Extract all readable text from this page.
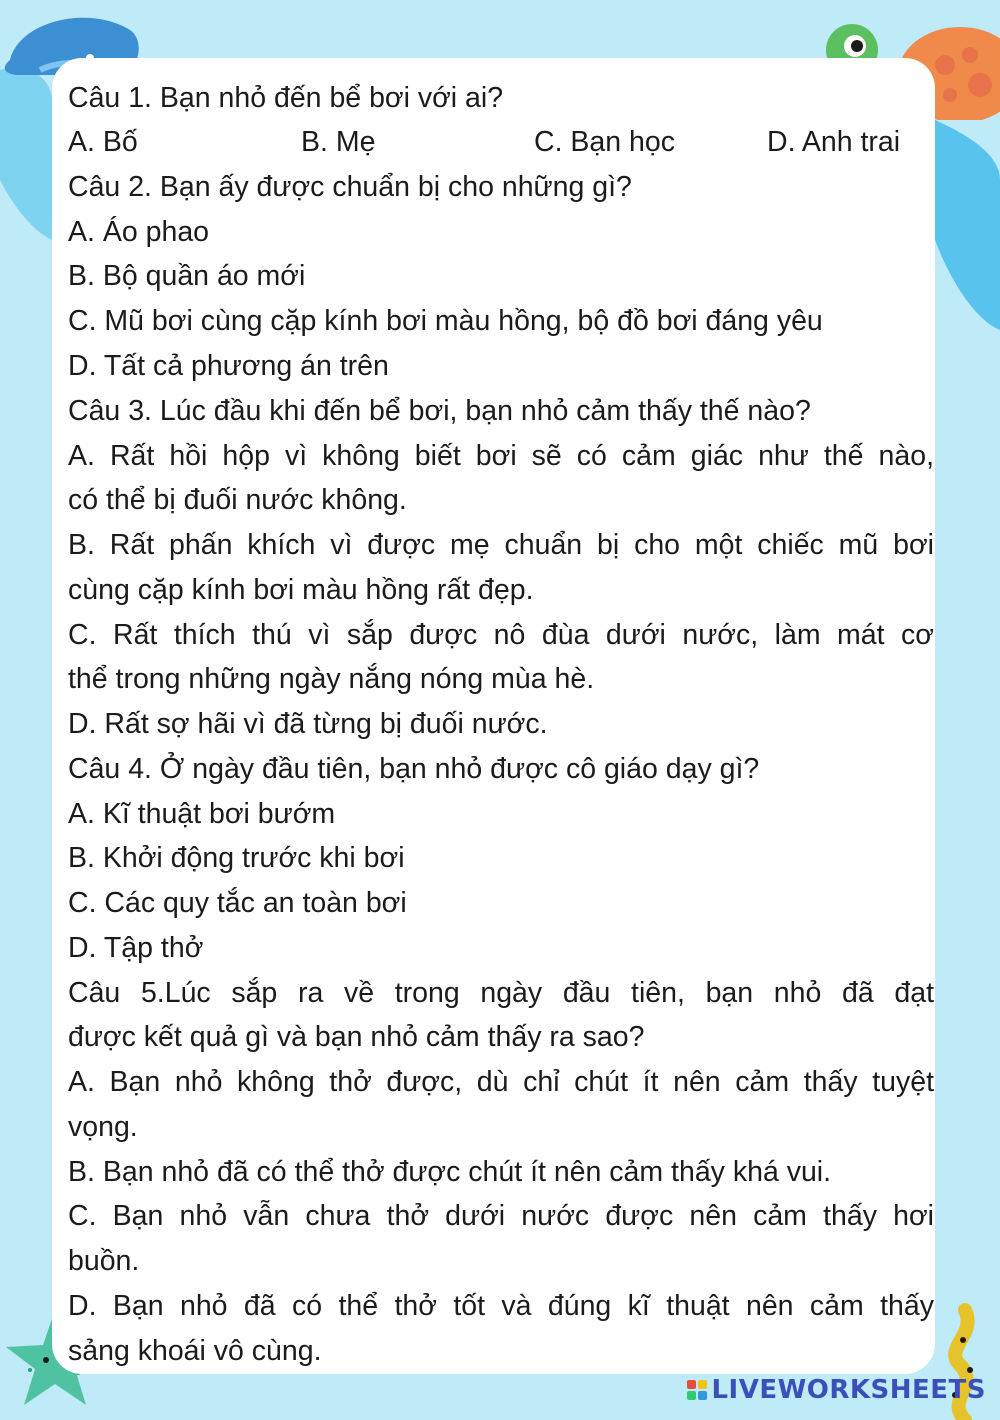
Câu 1. Bạn nhỏ đến bể bơi với ai?
A. Bố	B. Mẹ	C. Bạn học	D. Anh trai
Câu 2. Bạn ấy được chuẩn bị cho những gì?
A. Áo phao
B. Bộ quần áo mới
C. Mũ bơi cùng cặp kính bơi màu hồng, bộ đồ bơi đáng yêu
D. Tất cả phương án trên
Câu 3. Lúc đầu khi đến bể bơi, bạn nhỏ cảm thấy thế nào?
A. Rất hồi hộp vì không biết bơi sẽ có cảm giác như thế nào,
có thể bị đuối nước không.
B. Rất phấn khích vì được mẹ chuẩn bị cho một chiếc mũ bơi
cùng cặp kính bơi màu hồng rất đẹp.
C. Rất thích thú vì sắp được nô đùa dưới nước, làm mát cơ
thể trong những ngày nắng nóng mùa hè.
D. Rất sợ hãi vì đã từng bị đuối nước.
Câu 4. Ở ngày đầu tiên, bạn nhỏ được cô giáo dạy gì?
A. Kĩ thuật bơi bướm
B. Khởi động trước khi bơi
C. Các quy tắc an toàn bơi
D. Tập thở
Câu 5.Lúc sắp ra về trong ngày đầu tiên, bạn nhỏ đã đạt
được kết quả gì và bạn nhỏ cảm thấy ra sao?
A. Bạn nhỏ không thở được, dù chỉ chút ít nên cảm thấy tuyệt
vọng.
B. Bạn nhỏ đã có thể thở được chút ít nên cảm thấy khá vui.
C. Bạn nhỏ vẫn chưa thở dưới nước được nên cảm thấy hơi
buồn.
D. Bạn nhỏ đã có thể thở tốt và đúng kĩ thuật nên cảm thấy
sảng khoái vô cùng.
LIVEWORKSHEETS
